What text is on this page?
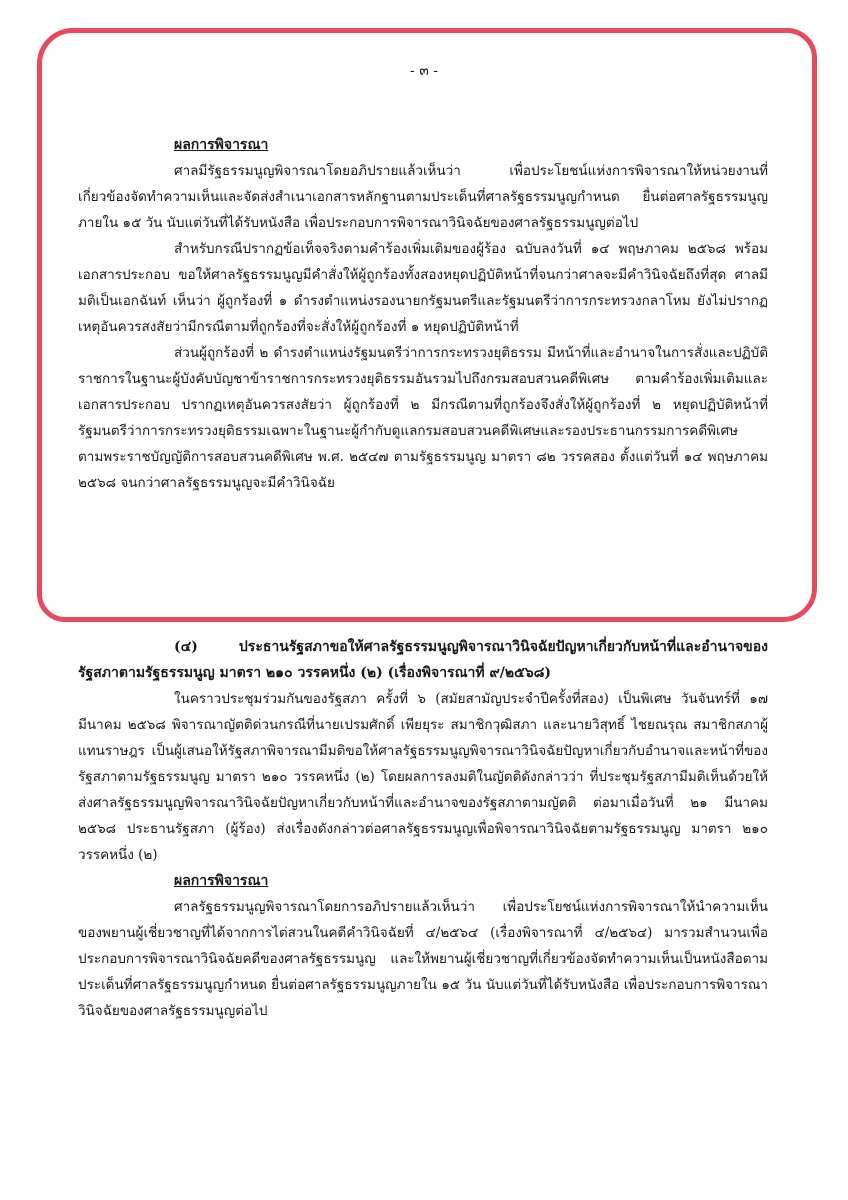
- ๓ -

ผลการพิจารณา

ศาลมีรัฐธรรมนูญพิจารณาโดยอภิปรายแล้วเห็นว่า เพื่อประโยชน์แห่งการพิจารณาให้หน่วยงานที่เกี่ยวข้องจัดทำความเห็นและจัดส่งสำเนาเอกสารหลักฐานตามประเด็นที่ศาลรัฐธรรมนูญกำหนด ยื่นต่อศาลรัฐธรรมนูญภายใน ๑๕ วัน นับแต่วันที่ได้รับหนังสือ เพื่อประกอบการพิจารณาวินิจฉัยของศาลรัฐธรรมนูญต่อไป

สำหรับกรณีปรากฏข้อเท็จจริงตามคำร้องเพิ่มเติมของผู้ร้อง ฉบับลงวันที่ ๑๔ พฤษภาคม ๒๕๖๘ พร้อมเอกสารประกอบ ขอให้ศาลรัฐธรรมนูญมีคำสั่งให้ผู้ถูกร้องทั้งสองหยุดปฏิบัติหน้าที่จนกว่าศาลจะมีคำวินิจฉัยถึงที่สุด ศาลมีมติเป็นเอกฉันท์ เห็นว่า ผู้ถูกร้องที่ ๑ ดำรงตำแหน่งรองนายกรัฐมนตรีและรัฐมนตรีว่าการกระทรวงกลาโหม ยังไม่ปรากฏเหตุอันควรสงสัยว่ามีกรณีตามที่ถูกร้องที่จะสั่งให้ผู้ถูกร้องที่ ๑ หยุดปฏิบัติหน้าที่

ส่วนผู้ถูกร้องที่ ๒ ดำรงตำแหน่งรัฐมนตรีว่าการกระทรวงยุติธรรม มีหน้าที่และอำนาจในการสั่งและปฏิบัติราชการในฐานะผู้บังคับบัญชาข้าราชการกระทรวงยุติธรรมอันรวมไปถึงกรมสอบสวนคดีพิเศษ ตามคำร้องเพิ่มเติมและเอกสารประกอบ ปรากฏเหตุอันควรสงสัยว่า ผู้ถูกร้องที่ ๒ มีกรณีตามที่ถูกร้องจึงสั่งให้ผู้ถูกร้องที่ ๒ หยุดปฏิบัติหน้าที่รัฐมนตรีว่าการกระทรวงยุติธรรมเฉพาะในฐานะผู้กำกับดูแลกรมสอบสวนคดีพิเศษและรองประธานกรรมการคดีพิเศษตามพระราชบัญญัติการสอบสวนคดีพิเศษ พ.ศ. ๒๕๔๗ ตามรัฐธรรมนูญ มาตรา ๘๒ วรรคสอง ตั้งแต่วันที่ ๑๔ พฤษภาคม ๒๕๖๘ จนกว่าศาลรัฐธรรมนูญจะมีคำวินิจฉัย

(๔) ประธานรัฐสภาขอให้ศาลรัฐธรรมนูญพิจารณาวินิจฉัยปัญหาเกี่ยวกับหน้าที่และอำนาจของรัฐสภาตามรัฐธรรมนูญ มาตรา ๒๑๐ วรรคหนึ่ง (๒) (เรื่องพิจารณาที่ ๙/๒๕๖๘)

ในคราวประชุมร่วมกันของรัฐสภา ครั้งที่ ๖ (สมัยสามัญประจำปีครั้งที่สอง) เป็นพิเศษ วันจันทร์ที่ ๑๗ มีนาคม ๒๕๖๘ พิจารณาญัตติด่วนกรณีที่นายเปรมศักดิ์ เพียยุระ สมาชิกวุฒิสภา และนายวิสุทธิ์ ไชยณรุณ สมาชิกสภาผู้แทนราษฎร เป็นผู้เสนอให้รัฐสภาพิจารณามีมติขอให้ศาลรัฐธรรมนูญพิจารณาวินิจฉัยปัญหาเกี่ยวกับอำนาจและหน้าที่ของรัฐสภาตามรัฐธรรมนูญ มาตรา ๒๑๐ วรรคหนึ่ง (๒) โดยผลการลงมติในญัตติดังกล่าวว่า ที่ประชุมรัฐสภามีมติเห็นด้วยให้ส่งศาลรัฐธรรมนูญพิจารณาวินิจฉัยปัญหาเกี่ยวกับหน้าที่และอำนาจของรัฐสภาตามญัตติ ต่อมาเมื่อวันที่ ๒๑ มีนาคม ๒๕๖๘ ประธานรัฐสภา (ผู้ร้อง) ส่งเรื่องดังกล่าวต่อศาลรัฐธรรมนูญเพื่อพิจารณาวินิจฉัยตามรัฐธรรมนูญ มาตรา ๒๑๐ วรรคหนึ่ง (๒)

ผลการพิจารณา

ศาลรัฐธรรมนูญพิจารณาโดยการอภิปรายแล้วเห็นว่า เพื่อประโยชน์แห่งการพิจารณาให้นำความเห็นของพยานผู้เชี่ยวชาญที่ได้จากการไต่สวนในคดีคำวินิจฉัยที่ ๔/๒๕๖๔ (เรื่องพิจารณาที่ ๔/๒๕๖๔) มารวมสำนวนเพื่อประกอบการพิจารณาวินิจฉัยคดีของศาลรัฐธรรมนูญ และให้พยานผู้เชี่ยวชาญที่เกี่ยวข้องจัดทำความเห็นเป็นหนังสือตามประเด็นที่ศาลรัฐธรรมนูญกำหนด ยื่นต่อศาลรัฐธรรมนูญภายใน ๑๕ วัน นับแต่วันที่ได้รับหนังสือ เพื่อประกอบการพิจารณาวินิจฉัยของศาลรัฐธรรมนูญต่อไป
